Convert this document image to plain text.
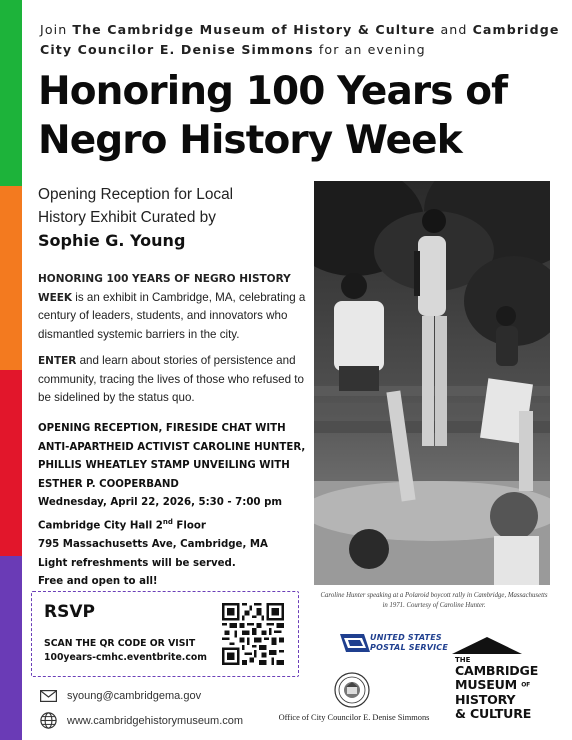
Join The Cambridge Museum of History & Culture and Cambridge City Councilor E. Denise Simmons for an evening
Honoring 100 Years of
Negro History Week
Opening Reception for Local
History Exhibit Curated by
Sophie G. Young
HONORING 100 YEARS OF NEGRO HISTORY WEEK is an exhibit in Cambridge, MA, celebrating a century of leaders, students, and innovators who dismantled systemic barriers in the city.
ENTER and learn about stories of persistence and community, tracing the lives of those who refused to be sidelined by the status quo.
OPENING RECEPTION, FIRESIDE CHAT WITH
ANTI-APARTHEID ACTIVIST CAROLINE HUNTER,
PHILLIS WHEATLEY STAMP UNVEILING WITH
ESTHER P. COOPERBAND
Wednesday, April 22, 2026, 5:30 - 7:00 pm
Cambridge City Hall 2nd Floor
795 Massachusetts Ave, Cambridge, MA
Light refreshments will be served.
Free and open to all!
Caroline Hunter speaking at a Polaroid boycott rally in Cambridge, Massachusetts in 1971. Courtesy of Caroline Hunter.
RSVP
SCAN THE QR CODE OR VISIT
100years-cmhc.eventbrite.com
syoung@cambridgema.gov
www.cambridgehistorymuseum.com
UNITED STATES
POSTAL SERVICE
Office of City Councilor E. Denise Simmons
THE
CAMBRIDGE
MUSEUM OF
HISTORY
& CULTURE
